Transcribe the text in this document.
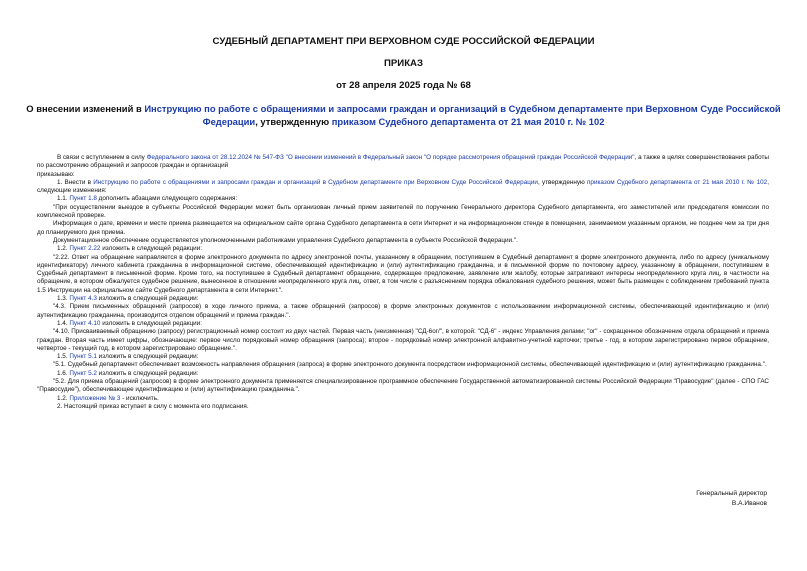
СУДЕБНЫЙ ДЕПАРТАМЕНТ ПРИ ВЕРХОВНОМ СУДЕ РОССИЙСКОЙ ФЕДЕРАЦИИ
ПРИКАЗ
от 28 апреля 2025 года № 68
О внесении изменений в Инструкцию по работе с обращениями и запросами граждан и организаций в Судебном департаменте при Верховном Суде Российской Федерации, утвержденную приказом Судебного департамента от 21 мая 2010 г. № 102

В связи с вступлением в силу Федерального закона от 28.12.2024 № 547-ФЗ "О внесении изменений в Федеральный закон "О порядке рассмотрения обращений граждан Российской Федерации", а также в целях совершенствования работы по рассмотрению обращений и запросов граждан и организаций

приказываю:

1. Внести в Инструкцию по работе с обращениями и запросами граждан и организаций в Судебном департаменте при Верховном Суде Российской Федерации, утвержденную приказом Судебного департамента от 21 мая 2010 г. № 102, следующие изменения:

1.1. Пункт 1.8 дополнить абзацами следующего содержания:

"При осуществлении выездов в субъекты Российской Федерации может быть организован личный прием заявителей по поручению Генерального директора Судебного департамента, его заместителей или председателя комиссии по комплексной проверке.

Информация о дате, времени и месте приема размещается на официальном сайте органа Судебного департамента в сети Интернет и на информационном стенде в помещении, занимаемом указанным органом, не позднее чем за три дня до планируемого дня приема.

Документационное обеспечение осуществляется уполномоченными работниками управления Судебного департамента в субъекте Российской Федерации.".

1.2. Пункт 2.22 изложить в следующей редакции:

"2.22. Ответ на обращение направляется в форме электронного документа по адресу электронной почты, указанному в обращении, поступившем в Судебный департамент в форме электронного документа, либо по адресу (уникальному идентификатору) личного кабинета гражданина в информационной системе, обеспечивающей идентификацию и (или) аутентификацию гражданина, и в письменной форме по почтовому адресу, указанному в обращении, поступившем в Судебный департамент в письменной форме. Кроме того, на поступившее в Судебный департамент обращение, содержащее предложение, заявление или жалобу, которые затрагивают интересы неопределенного круга лиц, в частности на обращение, в котором обжалуется судебное решение, вынесенное в отношении неопределенного круга лиц, ответ, в том числе с разъяснением порядка обжалования судебного решения, может быть размещен с соблюдением требований пункта 1.5 Инструкции на официальном сайте Судебного департамента в сети Интернет.".

1.3. Пункт 4.3 изложить в следующей редакции:

"4.3. Прием письменных обращений (запросов) в ходе личного приема, а также обращений (запросов) в форме электронных документов с использованием информационной системы, обеспечивающей идентификацию и (или) аутентификацию гражданина, производится отделом обращений и приема граждан.".

1.4. Пункт 4.10 изложить в следующей редакции:

"4.10. Присваиваемый обращению (запросу) регистрационный номер состоит из двух частей. Первая часть (неизменная) "СД-6ог/", в которой: "СД-6" - индекс Управления делами; "ог" - сокращенное обозначение отдела обращений и приема граждан. Вторая часть имеет цифры, обозначающие: первое число порядковый номер обращения (запроса); второе - порядковый номер электронной алфавитно-учетной карточки; третье - год, в котором зарегистрировано первое обращение, четвертое - текущий год, в котором зарегистрировано обращение.".

1.5. Пункт 5.1 изложить в следующей редакции:

"5.1. Судебный департамент обеспечивает возможность направления обращения (запроса) в форме электронного документа посредством информационной системы, обеспечивающей идентификацию и (или) аутентификацию гражданина.".

1.6. Пункт 5.2 изложить в следующей редакции:

"5.2. Для приема обращений (запросов) в форме электронного документа применяется специализированное программное обеспечение Государственной автоматизированной системы Российской Федерации "Правосудие" (далее - СПО ГАС "Правосудие"), обеспечивающее идентификацию и (или) аутентификацию гражданина.".

1.2. Приложение № 3 - исключить.

2. Настоящий приказ вступает в силу с момента его подписания.

Генеральный директор
В.А.Иванов
